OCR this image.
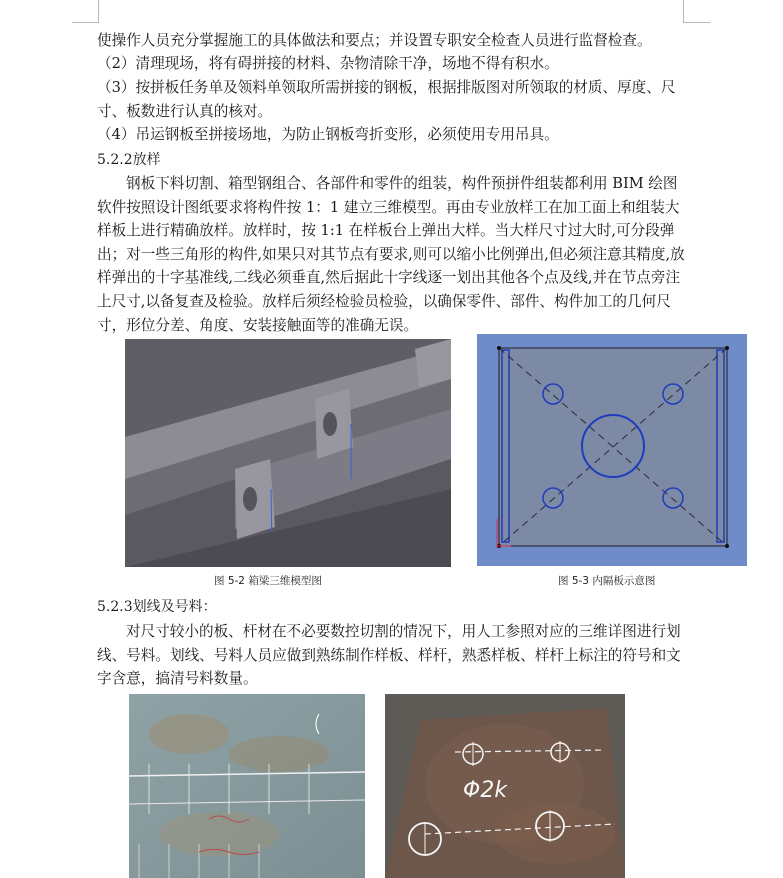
使操作人员充分掌握施工的具体做法和要点；并设置专职安全检查人员进行监督检查。

（2）清理现场，将有碍拼接的材料、杂物清除干净，场地不得有积水。

（3）按拼板任务单及领料单领取所需拼接的钢板，根据排版图对所领取的材质、厚度、尺寸、板数进行认真的核对。

（4）吊运钢板至拼接场地，为防止钢板弯折变形，必须使用专用吊具。

5.2.2放样

钢板下料切割、箱型钢组合、各部件和零件的组装，构件预拼件组装都利用 BIM 绘图软件按照设计图纸要求将构件按 1：1 建立三维模型。再由专业放样工在加工面上和组装大样板上进行精确放样。放样时，按 1:1 在样板台上弹出大样。当大样尺寸过大时,可分段弹出；对一些三角形的构件,如果只对其节点有要求,则可以缩小比例弹出,但必须注意其精度,放样弹出的十字基准线,二线必须垂直,然后据此十字线逐一划出其他各个点及线,并在节点旁注上尺寸,以备复查及检验。放样后须经检验员检验，以确保零件、部件、构件加工的几何尺寸，形位分差、角度、安装接触面等的准确无误。

图 5-2 箱梁三维模型图	图 5-3 内隔板示意图

5.2.3划线及号料：

对尺寸较小的板、杆材在不必要数控切割的情况下，用人工参照对应的三维详图进行划线、号料。划线、号料人员应做到熟练制作样板、样杆，熟悉样板、样杆上标注的符号和文字含意，搞清号料数量。

Φ2k
